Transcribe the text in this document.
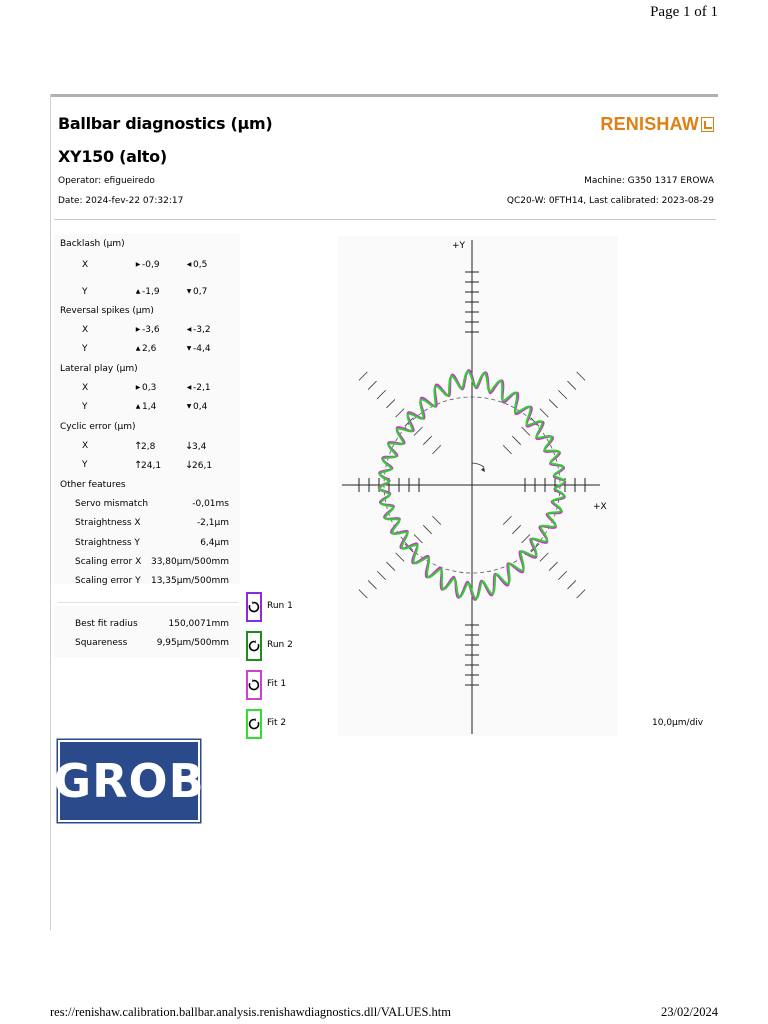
Page 1 of 1
Ballbar diagnostics (μm)
XY150 (alto)
RENISHAW
Operator: efigueiredo
Date: 2024-fev-22 07:32:17
Machine: G350 1317 EROWA
QC20-W: 0FTH14, Last calibrated: 2023-08-29
Backlash (μm)
X	▶ -0,9	◀ 0,5
Y	▲ -1,9	▼ 0,7
Reversal spikes (μm)
X	▶ -3,6	◀ -3,2
Y	▲ 2,6	▼ -4,4
Lateral play (μm)
X	▶ 0,3	◀ -2,1
Y	▲ 1,4	▼ 0,4
Cyclic error (μm)
X	↑2,8	↓3,4
Y	↑24,1 ↓26,1
Other features
Servo mismatch	-0,01ms
Straightness X	-2,1μm
Straightness Y	6,4μm
Scaling error X 33,80μm/500mm
Scaling error Y 13,35μm/500mm
Best fit radius	150,0071mm
Squareness	9,95μm/500mm
Run 1
Run 2
Fit 1
Fit 2
+Y
+X
10,0μm/div
GROB
res://renishaw.calibration.ballbar.analysis.renishawdiagnostics.dll/VALUES.htm	23/02/2024
